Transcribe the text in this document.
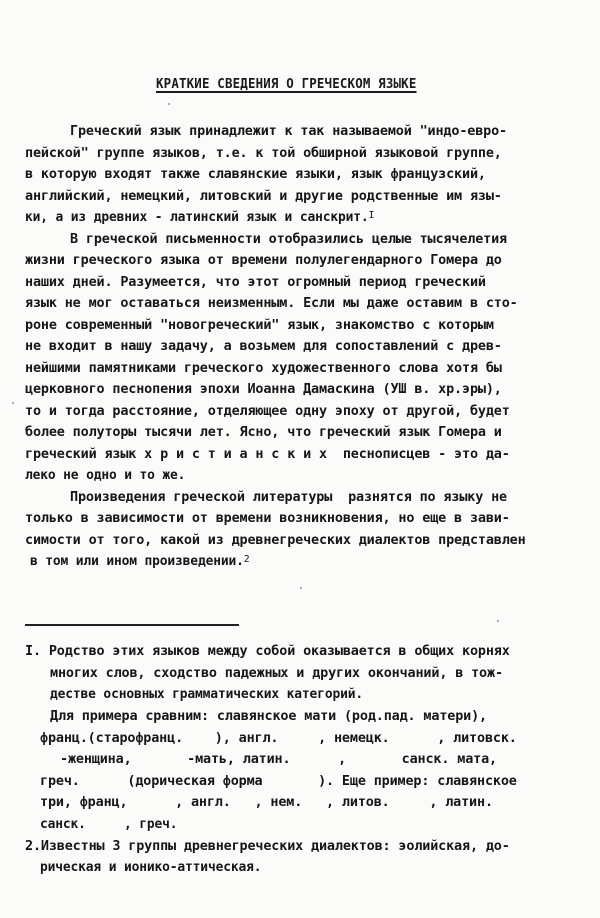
КРАТКИЕ СВЕДЕНИЯ О ГРЕЧЕСКОМ ЯЗЫКЕ
Греческий язык принадлежит к так называемой "индо-евро-
пейской" группе языков, т.е. к той обширной языковой группе,
в которую входят также славянские языки, язык французский,
английский, немецкий, литовский и другие родственные им язы-
ки, а из древних - латинский язык и санскрит.$^I$
В греческой письменности отобразились целые тысячелетия
жизни греческого языка от времени полулегендарного Гомера до
наших дней. Разумеется, что этот огромный период греческий
язык не мог оставаться неизменным. Если мы даже оставим в сто-
роне современный "новогреческий" язык, знакомство с которым
не входит в нашу задачу, а возьмем для сопоставлений с древ-
нейшими памятниками греческого художественного слова хотя бы
церковного песнопения эпохи Иоанна Дамаскина (УШ в. хр.эры),
то и тогда расстояние, отделяющее одну эпоху от другой, будет
более полуторы тысячи лет. Ясно, что греческий язык Гомера и
греческий язык х р и с т и а н с к и х  песнописцев - это да-
леко не одно и то же.
Произведения греческой литературы  разнятся по языку не
только в зависимости от времени возникновения, но еще в зави-
симости от того, какой из древнегреческих диалектов представлен
в том или ином произведении.$^2$
I. Родство этих языков между собой оказывается в общих корнях
многих слов, сходство падежных и других окончаний, в тож-
дестве основных грамматических категорий.
Для примера сравним: славянское мати (род.пад. матери),
франц.(старофранц.    ), англ.     , немецк.      , литовск.
-женщина,       -мать, латин.      ,       санск. мата,
греч.      (дорическая форма       ). Еще пример: славянское
три, франц,      , англ.   , нем.   , литов.     , латин.
санск.     , греч.
2.Известны 3 группы древнегреческих диалектов: эолийская, до-
рическая и ионико-аттическая.
